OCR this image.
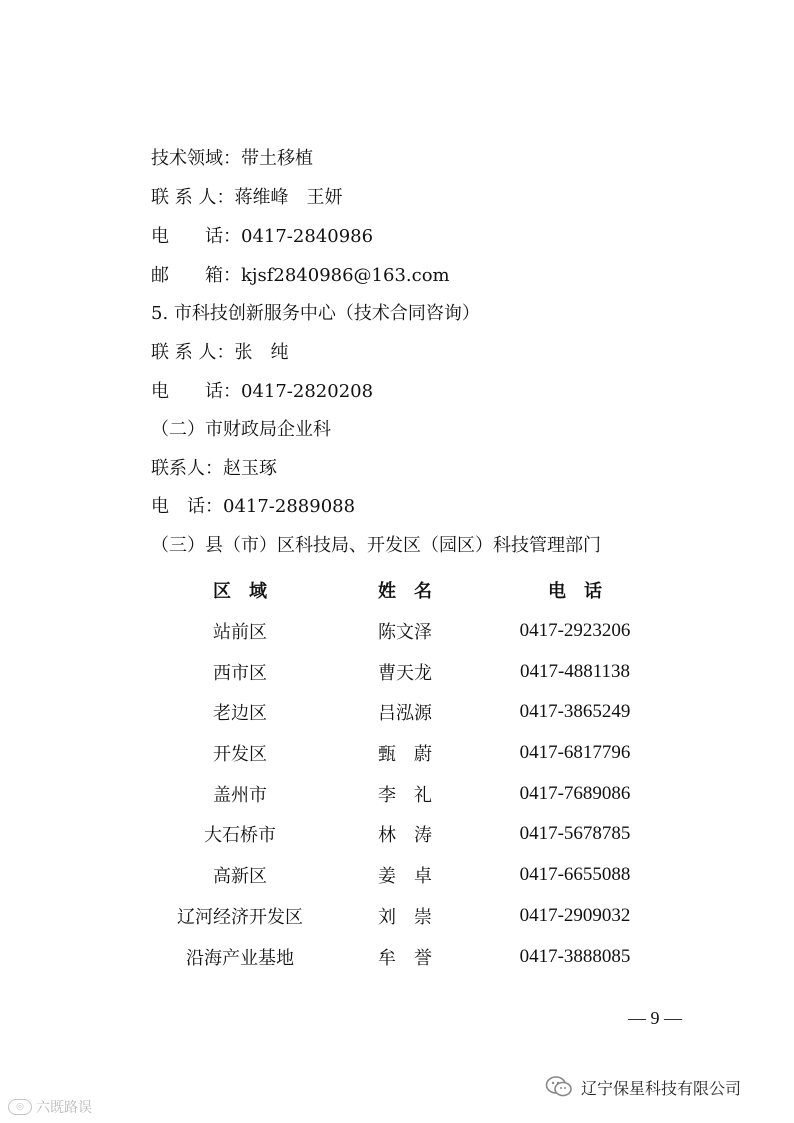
技术领域：带土移植
联 系 人：蒋维峰　王妍
电　　话：0417-2840986
邮　　箱：kjsf2840986@163.com
5. 市科技创新服务中心（技术合同咨询）
联 系 人：张　纯
电　　话：0417-2820208
（二）市财政局企业科
联系人：赵玉琢
电　话：0417-2889088
（三）县（市）区科技局、开发区（园区）科技管理部门
区　域	姓　名	电　话
站前区	陈文泽	0417-2923206
西市区	曹天龙	0417-4881138
老边区	吕泓源	0417-3865249
开发区	甄　蔚	0417-6817796
盖州市	李　礼	0417-7689086
大石桥市	林　涛	0417-5678785
高新区	姜　卓	0417-6655088
辽河经济开发区	刘　崇	0417-2909032
沿海产业基地	牟　誉	0417-3888085
— 9 —
◎ 六既路误
辽宁保星科技有限公司
